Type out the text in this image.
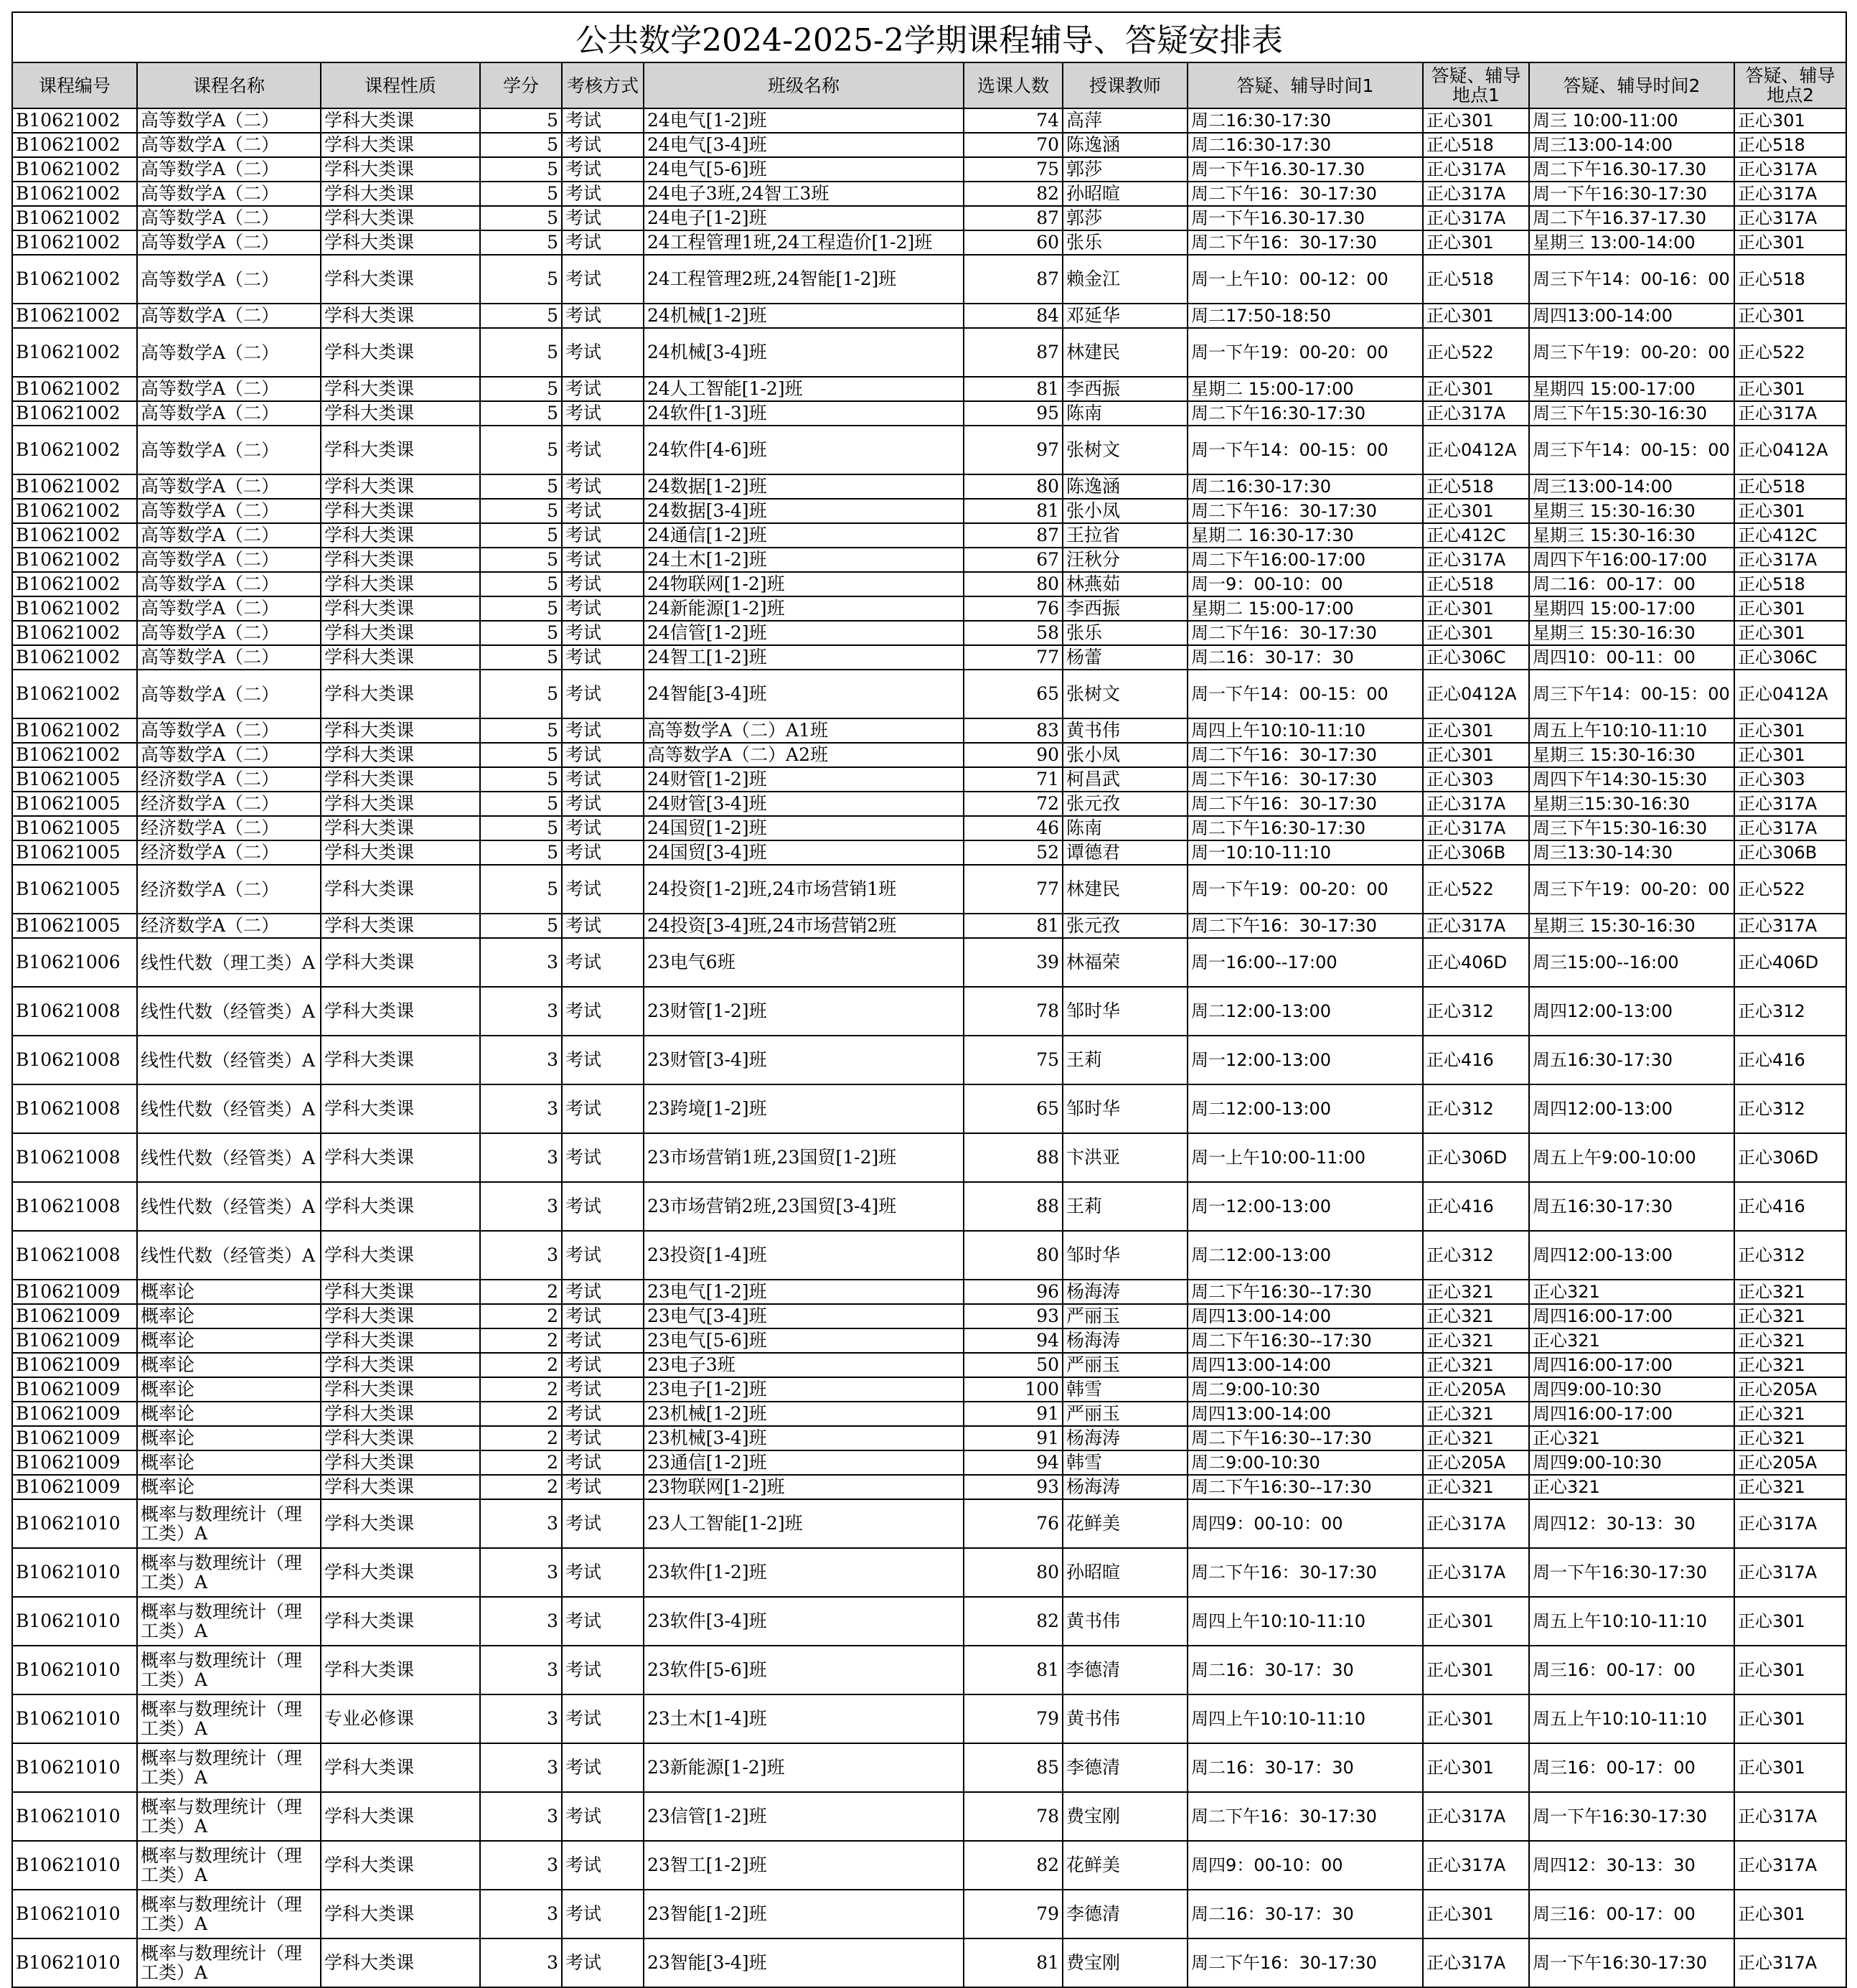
公共数学2024-2025-2学期课程辅导、答疑安排表											
课程编号	课程名称	课程性质	学分	考核方式	班级名称	选课人数	授课教师	答疑、辅导时间1	答疑、辅导地点1	答疑、辅导时间2	答疑、辅导地点2
B10621002	高等数学A（二）	学科大类课	5	考试	24电气[1-2]班	74	高萍	周二16:30-17:30	正心301	周三 10:00-11:00	正心301
B10621002	高等数学A（二）	学科大类课	5	考试	24电气[3-4]班	70	陈逸涵	周二16:30-17:30	正心518	周三13:00-14:00	正心518
B10621002	高等数学A（二）	学科大类课	5	考试	24电气[5-6]班	75	郭莎	周一下午16.30-17.30	正心317A	周二下午16.30-17.30	正心317A
B10621002	高等数学A（二）	学科大类课	5	考试	24电子3班,24智工3班	82	孙昭暄	周二下午16：30-17:30	正心317A	周一下午16:30-17:30	正心317A
B10621002	高等数学A（二）	学科大类课	5	考试	24电子[1-2]班	87	郭莎	周一下午16.30-17.30	正心317A	周二下午16.37-17.30	正心317A
B10621002	高等数学A（二）	学科大类课	5	考试	24工程管理1班,24工程造价[1-2]班	60	张乐	周二下午16：30-17:30	正心301	星期三 13:00-14:00	正心301
B10621002	高等数学A（二）	学科大类课	5	考试	24工程管理2班,24智能[1-2]班	87	赖金江	周一上午10：00-12：00	正心518	周三下午14：00-16：00	正心518
B10621002	高等数学A（二）	学科大类课	5	考试	24机械[1-2]班	84	邓延华	周二17:50-18:50	正心301	周四13:00-14:00	正心301
B10621002	高等数学A（二）	学科大类课	5	考试	24机械[3-4]班	87	林建民	周一下午19：00-20：00	正心522	周三下午19：00-20：00	正心522
B10621002	高等数学A（二）	学科大类课	5	考试	24人工智能[1-2]班	81	李西振	星期二 15:00-17:00	正心301	星期四 15:00-17:00	正心301
B10621002	高等数学A（二）	学科大类课	5	考试	24软件[1-3]班	95	陈南	周二下午16:30-17:30	正心317A	周三下午15:30-16:30	正心317A
B10621002	高等数学A（二）	学科大类课	5	考试	24软件[4-6]班	97	张树文	周一下午14：00-15：00	正心0412A	周三下午14：00-15：00	正心0412A
B10621002	高等数学A（二）	学科大类课	5	考试	24数据[1-2]班	80	陈逸涵	周二16:30-17:30	正心518	周三13:00-14:00	正心518
B10621002	高等数学A（二）	学科大类课	5	考试	24数据[3-4]班	81	张小凤	周二下午16：30-17:30	正心301	星期三 15:30-16:30	正心301
B10621002	高等数学A（二）	学科大类课	5	考试	24通信[1-2]班	87	王拉省	星期二 16:30-17:30	正心412C	星期三 15:30-16:30	正心412C
B10621002	高等数学A（二）	学科大类课	5	考试	24土木[1-2]班	67	汪秋分	周二下午16:00-17:00	正心317A	周四下午16:00-17:00	正心317A
B10621002	高等数学A（二）	学科大类课	5	考试	24物联网[1-2]班	80	林燕茹	周一9：00-10：00	正心518	周二16：00-17：00	正心518
B10621002	高等数学A（二）	学科大类课	5	考试	24新能源[1-2]班	76	李西振	星期二 15:00-17:00	正心301	星期四 15:00-17:00	正心301
B10621002	高等数学A（二）	学科大类课	5	考试	24信管[1-2]班	58	张乐	周二下午16：30-17:30	正心301	星期三 15:30-16:30	正心301
B10621002	高等数学A（二）	学科大类课	5	考试	24智工[1-2]班	77	杨蕾	周二16：30-17：30	正心306C	周四10：00-11：00	正心306C
B10621002	高等数学A（二）	学科大类课	5	考试	24智能[3-4]班	65	张树文	周一下午14：00-15：00	正心0412A	周三下午14：00-15：00	正心0412A
B10621002	高等数学A（二）	学科大类课	5	考试	高等数学A（二）A1班	83	黄书伟	周四上午10:10-11:10	正心301	周五上午10:10-11:10	正心301
B10621002	高等数学A（二）	学科大类课	5	考试	高等数学A（二）A2班	90	张小凤	周二下午16：30-17:30	正心301	星期三 15:30-16:30	正心301
B10621005	经济数学A（二）	学科大类课	5	考试	24财管[1-2]班	71	柯昌武	周二下午16：30-17:30	正心303	周四下午14:30-15:30	正心303
B10621005	经济数学A（二）	学科大类课	5	考试	24财管[3-4]班	72	张元孜	周二下午16：30-17:30	正心317A	星期三15:30-16:30	正心317A
B10621005	经济数学A（二）	学科大类课	5	考试	24国贸[1-2]班	46	陈南	周二下午16:30-17:30	正心317A	周三下午15:30-16:30	正心317A
B10621005	经济数学A（二）	学科大类课	5	考试	24国贸[3-4]班	52	谭德君	周一10:10-11:10	正心306B	周三13:30-14:30	正心306B
B10621005	经济数学A（二）	学科大类课	5	考试	24投资[1-2]班,24市场营销1班	77	林建民	周一下午19：00-20：00	正心522	周三下午19：00-20：00	正心522
B10621005	经济数学A（二）	学科大类课	5	考试	24投资[3-4]班,24市场营销2班	81	张元孜	周二下午16：30-17:30	正心317A	星期三 15:30-16:30	正心317A
B10621006	线性代数（理工类）A	学科大类课	3	考试	23电气6班	39	林福荣	周一16:00--17:00	正心406D	周三15:00--16:00	正心406D
B10621008	线性代数（经管类）A	学科大类课	3	考试	23财管[1-2]班	78	邹时华	周二12:00-13:00	正心312	周四12:00-13:00	正心312
B10621008	线性代数（经管类）A	学科大类课	3	考试	23财管[3-4]班	75	王莉	周一12:00-13:00	正心416	周五16:30-17:30	正心416
B10621008	线性代数（经管类）A	学科大类课	3	考试	23跨境[1-2]班	65	邹时华	周二12:00-13:00	正心312	周四12:00-13:00	正心312
B10621008	线性代数（经管类）A	学科大类课	3	考试	23市场营销1班,23国贸[1-2]班	88	卞洪亚	周一上午10:00-11:00	正心306D	周五上午9:00-10:00	正心306D
B10621008	线性代数（经管类）A	学科大类课	3	考试	23市场营销2班,23国贸[3-4]班	88	王莉	周一12:00-13:00	正心416	周五16:30-17:30	正心416
B10621008	线性代数（经管类）A	学科大类课	3	考试	23投资[1-4]班	80	邹时华	周二12:00-13:00	正心312	周四12:00-13:00	正心312
B10621009	概率论	学科大类课	2	考试	23电气[1-2]班	96	杨海涛	周二下午16:30--17:30	正心321	正心321	正心321
B10621009	概率论	学科大类课	2	考试	23电气[3-4]班	93	严丽玉	周四13:00-14:00	正心321	周四16:00-17:00	正心321
B10621009	概率论	学科大类课	2	考试	23电气[5-6]班	94	杨海涛	周二下午16:30--17:30	正心321	正心321	正心321
B10621009	概率论	学科大类课	2	考试	23电子3班	50	严丽玉	周四13:00-14:00	正心321	周四16:00-17:00	正心321
B10621009	概率论	学科大类课	2	考试	23电子[1-2]班	100	韩雪	周二9:00-10:30	正心205A	周四9:00-10:30	正心205A
B10621009	概率论	学科大类课	2	考试	23机械[1-2]班	91	严丽玉	周四13:00-14:00	正心321	周四16:00-17:00	正心321
B10621009	概率论	学科大类课	2	考试	23机械[3-4]班	91	杨海涛	周二下午16:30--17:30	正心321	正心321	正心321
B10621009	概率论	学科大类课	2	考试	23通信[1-2]班	94	韩雪	周二9:00-10:30	正心205A	周四9:00-10:30	正心205A
B10621009	概率论	学科大类课	2	考试	23物联网[1-2]班	93	杨海涛	周二下午16:30--17:30	正心321	正心321	正心321
B10621010	概率与数理统计（理工类）A	学科大类课	3	考试	23人工智能[1-2]班	76	花鲜美	周四9：00-10：00	正心317A	周四12：30-13：30	正心317A
B10621010	概率与数理统计（理工类）A	学科大类课	3	考试	23软件[1-2]班	80	孙昭暄	周二下午16：30-17:30	正心317A	周一下午16:30-17:30	正心317A
B10621010	概率与数理统计（理工类）A	学科大类课	3	考试	23软件[3-4]班	82	黄书伟	周四上午10:10-11:10	正心301	周五上午10:10-11:10	正心301
B10621010	概率与数理统计（理工类）A	学科大类课	3	考试	23软件[5-6]班	81	李德清	周二16：30-17：30	正心301	周三16：00-17：00	正心301
B10621010	概率与数理统计（理工类）A	专业必修课	3	考试	23土木[1-4]班	79	黄书伟	周四上午10:10-11:10	正心301	周五上午10:10-11:10	正心301
B10621010	概率与数理统计（理工类）A	学科大类课	3	考试	23新能源[1-2]班	85	李德清	周二16：30-17：30	正心301	周三16：00-17：00	正心301
B10621010	概率与数理统计（理工类）A	学科大类课	3	考试	23信管[1-2]班	78	费宝刚	周二下午16：30-17:30	正心317A	周一下午16:30-17:30	正心317A
B10621010	概率与数理统计（理工类）A	学科大类课	3	考试	23智工[1-2]班	82	花鲜美	周四9：00-10：00	正心317A	周四12：30-13：30	正心317A
B10621010	概率与数理统计（理工类）A	学科大类课	3	考试	23智能[1-2]班	79	李德清	周二16：30-17：30	正心301	周三16：00-17：00	正心301
B10621010	概率与数理统计（理工类）A	学科大类课	3	考试	23智能[3-4]班	81	费宝刚	周二下午16：30-17:30	正心317A	周一下午16:30-17:30	正心317A
